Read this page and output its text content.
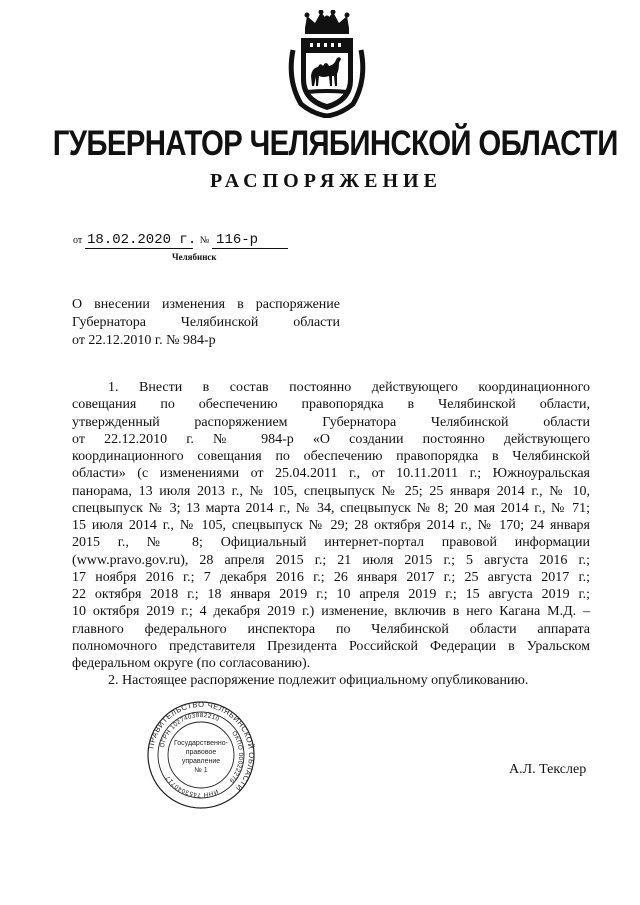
ГУБЕРНАТОР ЧЕЛЯБИНСКОЙ ОБЛАСТИ
РАСПОРЯЖЕНИЕ
от 18.02.2020 г. № 116-р
Челябинск
О внесении изменения в распоряжение
Губернатора Челябинской области
от 22.12.2010 г. № 984-р
1. Внести в состав постоянно действующего координационного
совещания по обеспечению правопорядка в Челябинской области,
утвержденный распоряжением Губернатора Челябинской области
от 22.12.2010 г. № 984-р «О создании постоянно действующего
координационного совещания по обеспечению правопорядка в Челябинской
области» (с изменениями от 25.04.2011 г., от 10.11.2011 г.; Южноуральская
панорама, 13 июля 2013 г., № 105, спецвыпуск № 25; 25 января 2014 г., № 10,
спецвыпуск № 3; 13 марта 2014 г., № 34, спецвыпуск № 8; 20 мая 2014 г., № 71;
15 июля 2014 г., № 105, спецвыпуск № 29; 28 октября 2014 г., № 170; 24 января
2015 г., № 8; Официальный интернет-портал правовой информации
(www.pravo.gov.ru), 28 апреля 2015 г.; 21 июля 2015 г.; 5 августа 2016 г.;
17 ноября 2016 г.; 7 декабря 2016 г.; 26 января 2017 г.; 25 августа 2017 г.;
22 октября 2018 г.; 18 января 2019 г.; 10 апреля 2019 г.; 15 августа 2019 г.;
10 октября 2019 г.; 4 декабря 2019 г.) изменение, включив в него Кагана М.Д. –
главного федерального инспектора по Челябинской области аппарата
полномочного представителя Президента Российской Федерации в Уральском
федеральном округе (по согласованию).
2. Настоящее распоряжение подлежит официальному опубликованию.
ПРАВИТЕЛЬСТВО ЧЕЛЯБИНСКОЙ ОБЛАСТИ
ОГРН 1027403882210
ОКПО 00022279
ИНН 7453040717
Государственно-
правовое
управление
№ 1	А.Л. Текслер
